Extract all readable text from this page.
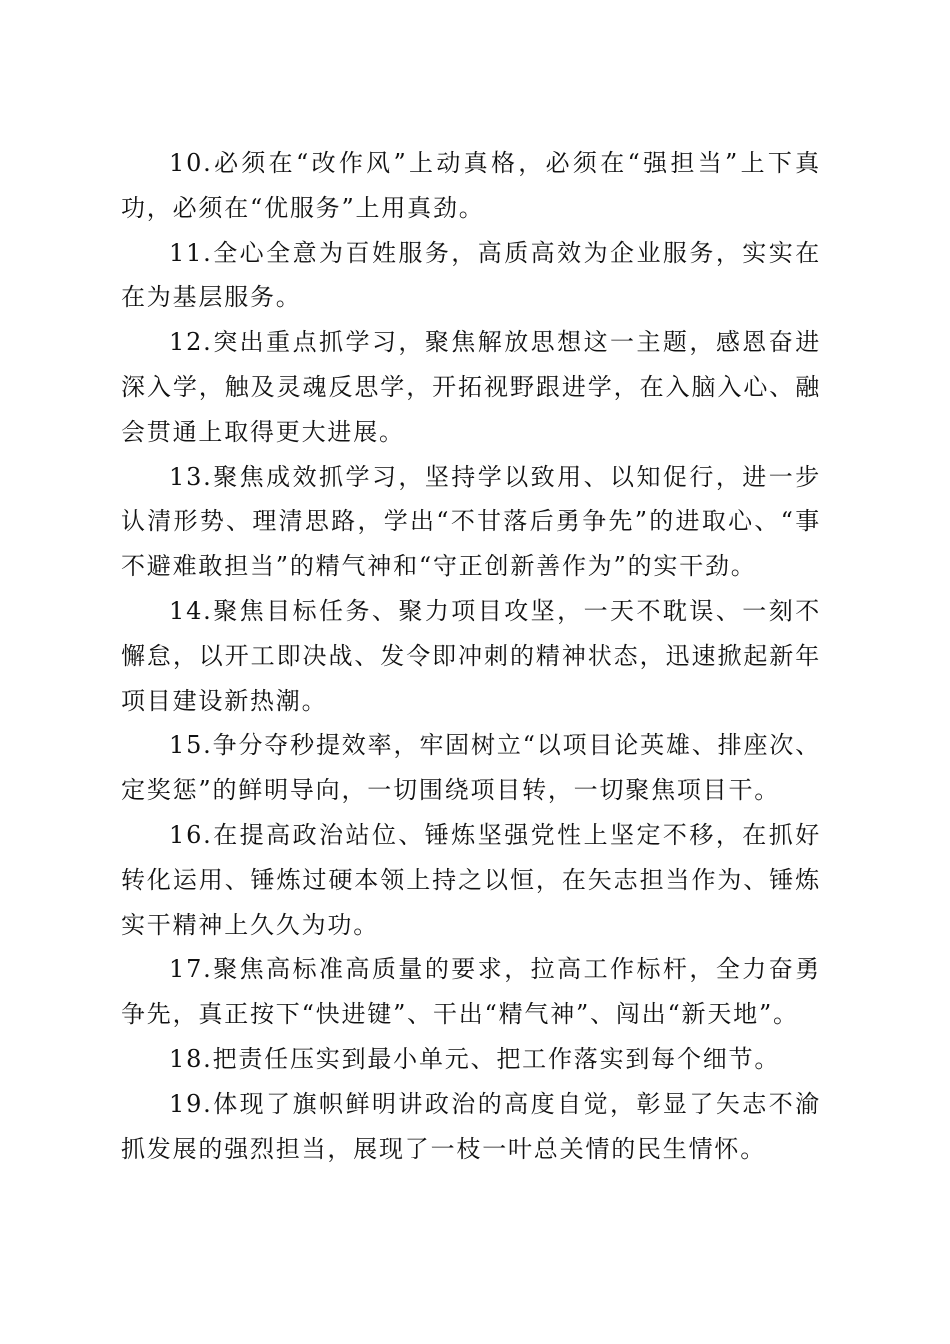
10.必须在“改作风”上动真格，必须在“强担当”上下真功，必须在“优服务”上用真劲。

11.全心全意为百姓服务，高质高效为企业服务，实实在在为基层服务。

12.突出重点抓学习，聚焦解放思想这一主题，感恩奋进深入学，触及灵魂反思学，开拓视野跟进学，在入脑入心、融会贯通上取得更大进展。

13.聚焦成效抓学习，坚持学以致用、以知促行，进一步认清形势、理清思路，学出“不甘落后勇争先”的进取心、“事不避难敢担当”的精气神和“守正创新善作为”的实干劲。

14.聚焦目标任务、聚力项目攻坚，一天不耽误、一刻不懈怠，以开工即决战、发令即冲刺的精神状态，迅速掀起新年项目建设新热潮。

15.争分夺秒提效率，牢固树立“以项目论英雄、排座次、定奖惩”的鲜明导向，一切围绕项目转，一切聚焦项目干。

16.在提高政治站位、锤炼坚强党性上坚定不移，在抓好转化运用、锤炼过硬本领上持之以恒，在矢志担当作为、锤炼实干精神上久久为功。

17.聚焦高标准高质量的要求，拉高工作标杆，全力奋勇争先，真正按下“快进键”、干出“精气神”、闯出“新天地”。

18.把责任压实到最小单元、把工作落实到每个细节。

19.体现了旗帜鲜明讲政治的高度自觉，彰显了矢志不渝抓发展的强烈担当，展现了一枝一叶总关情的民生情怀。
